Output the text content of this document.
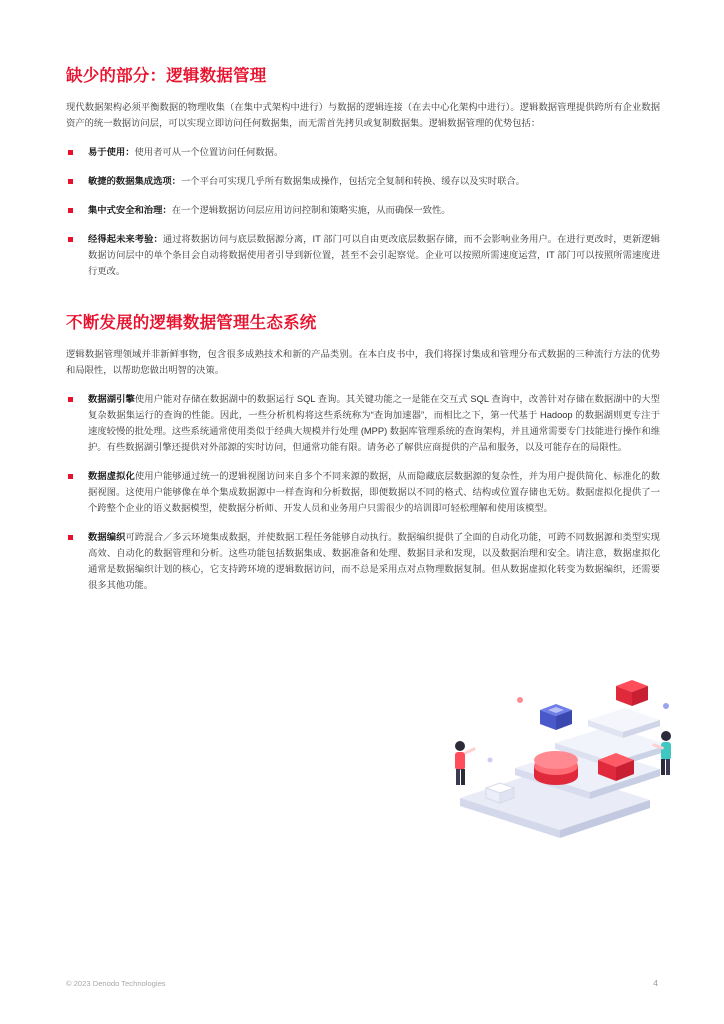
缺少的部分：逻辑数据管理

现代数据架构必须平衡数据的物理收集（在集中式架构中进行）与数据的逻辑连接（在去中心化架构中进行）。逻辑数据管理提供跨所有企业数据资产的统一数据访问层，可以实现立即访问任何数据集，而无需首先拷贝或复制数据集。逻辑数据管理的优势包括：

易于使用：使用者可从一个位置访问任何数据。
敏捷的数据集成选项：一个平台可实现几乎所有数据集成操作，包括完全复制和转换、缓存以及实时联合。
集中式安全和治理：在一个逻辑数据访问层应用访问控制和策略实施，从而确保一致性。
经得起未来考验：通过将数据访问与底层数据源分离，IT 部门可以自由更改底层数据存储，而不会影响业务用户。在进行更改时，更新逻辑数据访问层中的单个条目会自动将数据使用者引导到新位置，甚至不会引起察觉。企业可以按照所需速度运营，IT 部门可以按照所需速度进行更改。
不断发展的逻辑数据管理生态系统

逻辑数据管理领域并非新鲜事物，包含很多成熟技术和新的产品类别。在本白皮书中，我们将探讨集成和管理分布式数据的三种流行方法的优势和局限性，以帮助您做出明智的决策。

数据湖引擎使用户能对存储在数据湖中的数据运行 SQL 查询。其关键功能之一是能在交互式 SQL 查询中，改善针对存储在数据湖中的大型复杂数据集运行的查询的性能。因此，一些分析机构将这些系统称为“查询加速器”，而相比之下，第一代基于 Hadoop 的数据湖则更专注于速度较慢的批处理。这些系统通常使用类似于经典大规模并行处理 (MPP) 数据库管理系统的查询架构，并且通常需要专门技能进行操作和维护。有些数据湖引擎还提供对外部源的实时访问，但通常功能有限。请务必了解供应商提供的产品和服务，以及可能存在的局限性。
数据虚拟化使用户能够通过统一的逻辑视图访问来自多个不同来源的数据，从而隐藏底层数据源的复杂性，并为用户提供简化、标准化的数据视图。这使用户能够像在单个集成数据源中一样查询和分析数据，即便数据以不同的格式、结构或位置存储也无妨。数据虚拟化提供了一个跨整个企业的语义数据模型，使数据分析师、开发人员和业务用户只需很少的培训即可轻松理解和使用该模型。
数据编织可跨混合／多云环境集成数据，并使数据工程任务能够自动执行。数据编织提供了全面的自动化功能，可跨不同数据源和类型实现高效、自动化的数据管理和分析。这些功能包括数据集成、数据准备和处理、数据目录和发现，以及数据治理和安全。请注意，数据虚拟化通常是数据编织计划的核心，它支持跨环境的逻辑数据访问，而不总是采用点对点物理数据复制。但从数据虚拟化转变为数据编织，还需要很多其他功能。
© 2023 Denodo Technologies	4
